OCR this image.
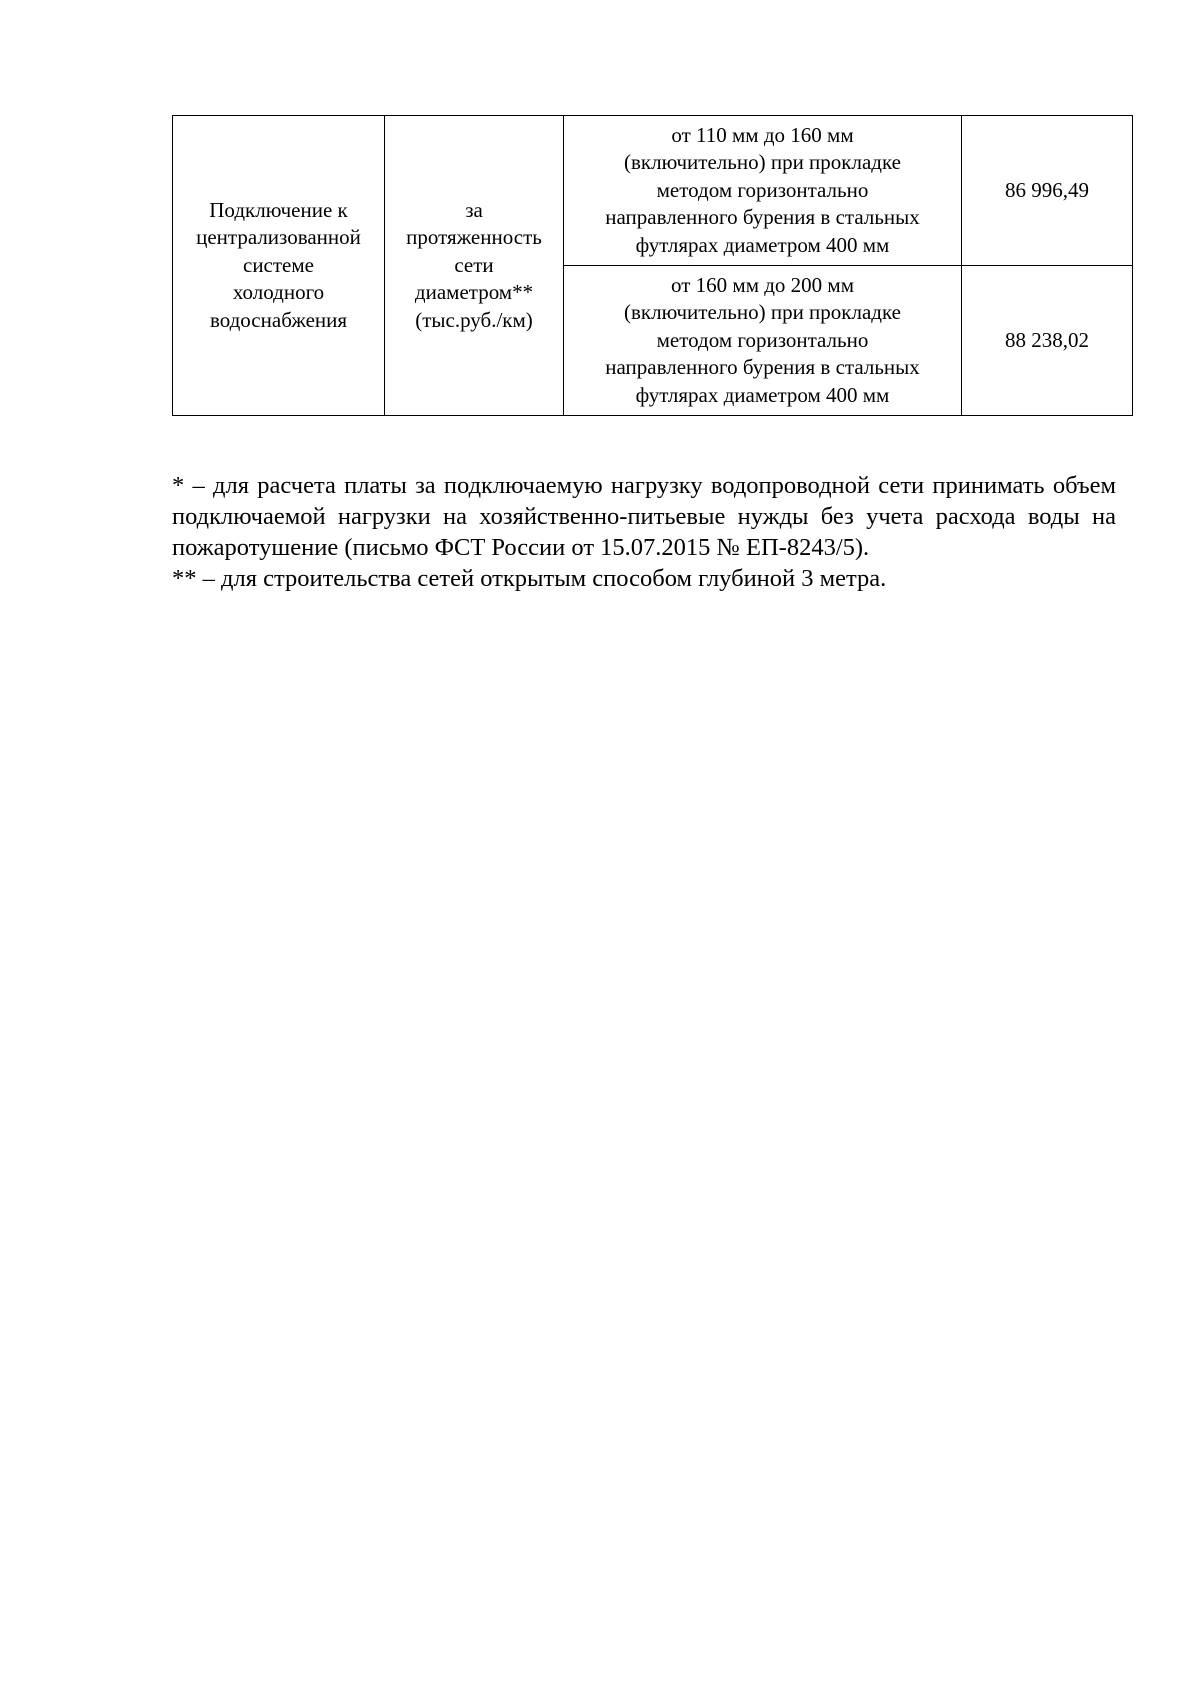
Подключение к
централизованной
системе
холодного
водоснабжения	за
протяженность
сети
диаметром**
(тыс.руб./км)	от 110 мм до 160 мм
(включительно) при прокладке
методом горизонтально
направленного бурения в стальных
футлярах диаметром 400 мм	86 996,49

		от 160 мм до 200 мм
(включительно) при прокладке
методом горизонтально
направленного бурения в стальных
футлярах диаметром 400 мм	88 238,02

* – для расчета платы за подключаемую нагрузку водопроводной сети принимать объем подключаемой нагрузки на хозяйственно-питьевые нужды без учета расхода воды на пожаротушение (письмо ФСТ России от 15.07.2015 № ЕП-8243/5).

** – для строительства сетей открытым способом глубиной 3 метра.
